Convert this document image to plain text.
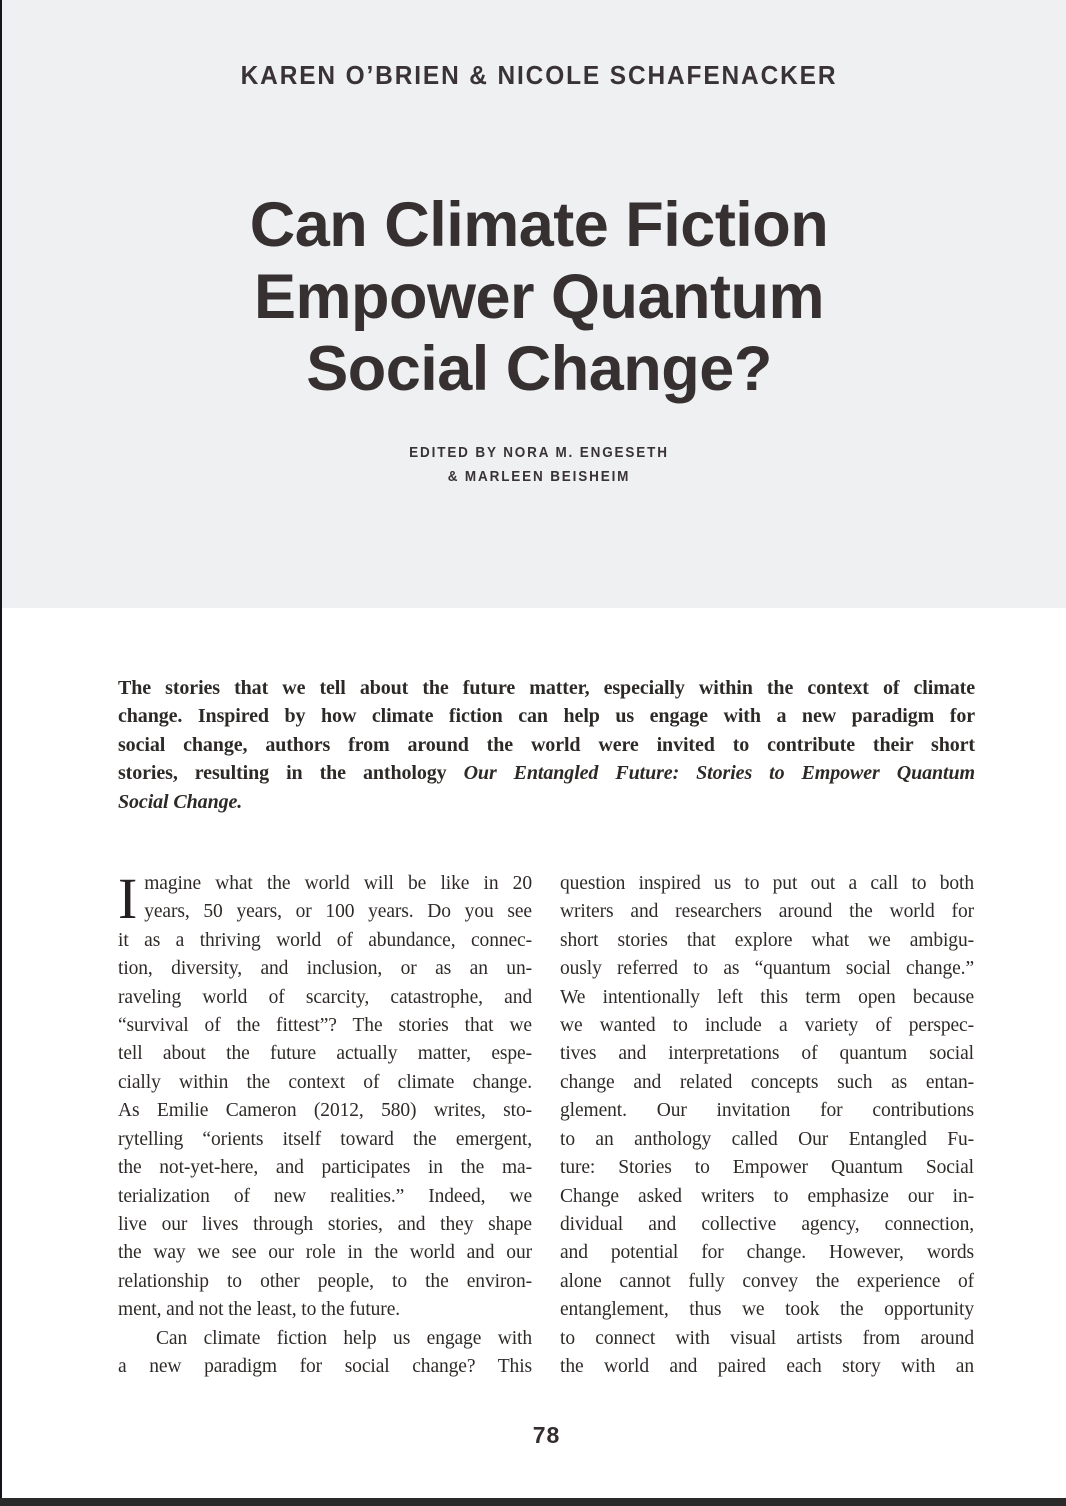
KAREN O’BRIEN & NICOLE SCHAFENACKER
Can Climate Fiction
Empower Quantum
Social Change?
EDITED BY NORA M. ENGESETH
& MARLEEN BEISHEIM
The stories that we tell about the future matter, especially within the context of climate
change. Inspired by how climate fiction can help us engage with a new paradigm for
social change, authors from around the world were invited to contribute their short
stories, resulting in the anthology Our Entangled Future: Stories to Empower Quantum
Social Change.
I magine what the world will be like in 20
years, 50 years, or 100 years. Do you see
it as a thriving world of abundance, connec-
tion, diversity, and inclusion, or as an un-
raveling world of scarcity, catastrophe, and
“survival of the fittest”? The stories that we
tell about the future actually matter, espe-
cially within the context of climate change.
As Emilie Cameron (2012, 580) writes, sto-
rytelling “orients itself toward the emergent,
the not-yet-here, and participates in the ma-
terialization of new realities.” Indeed, we
live our lives through stories, and they shape
the way we see our role in the world and our
relationship to other people, to the environ-
ment, and not the least, to the future.
Can climate fiction help us engage with
a new paradigm for social change? This
question inspired us to put out a call to both
writers and researchers around the world for
short stories that explore what we ambigu-
ously referred to as “quantum social change.”
We intentionally left this term open because
we wanted to include a variety of perspec-
tives and interpretations of quantum social
change and related concepts such as entan-
glement. Our invitation for contributions
to an anthology called Our Entangled Fu-
ture: Stories to Empower Quantum Social
Change asked writers to emphasize our in-
dividual and collective agency, connection,
and potential for change. However, words
alone cannot fully convey the experience of
entanglement, thus we took the opportunity
to connect with visual artists from around
the world and paired each story with an
78
